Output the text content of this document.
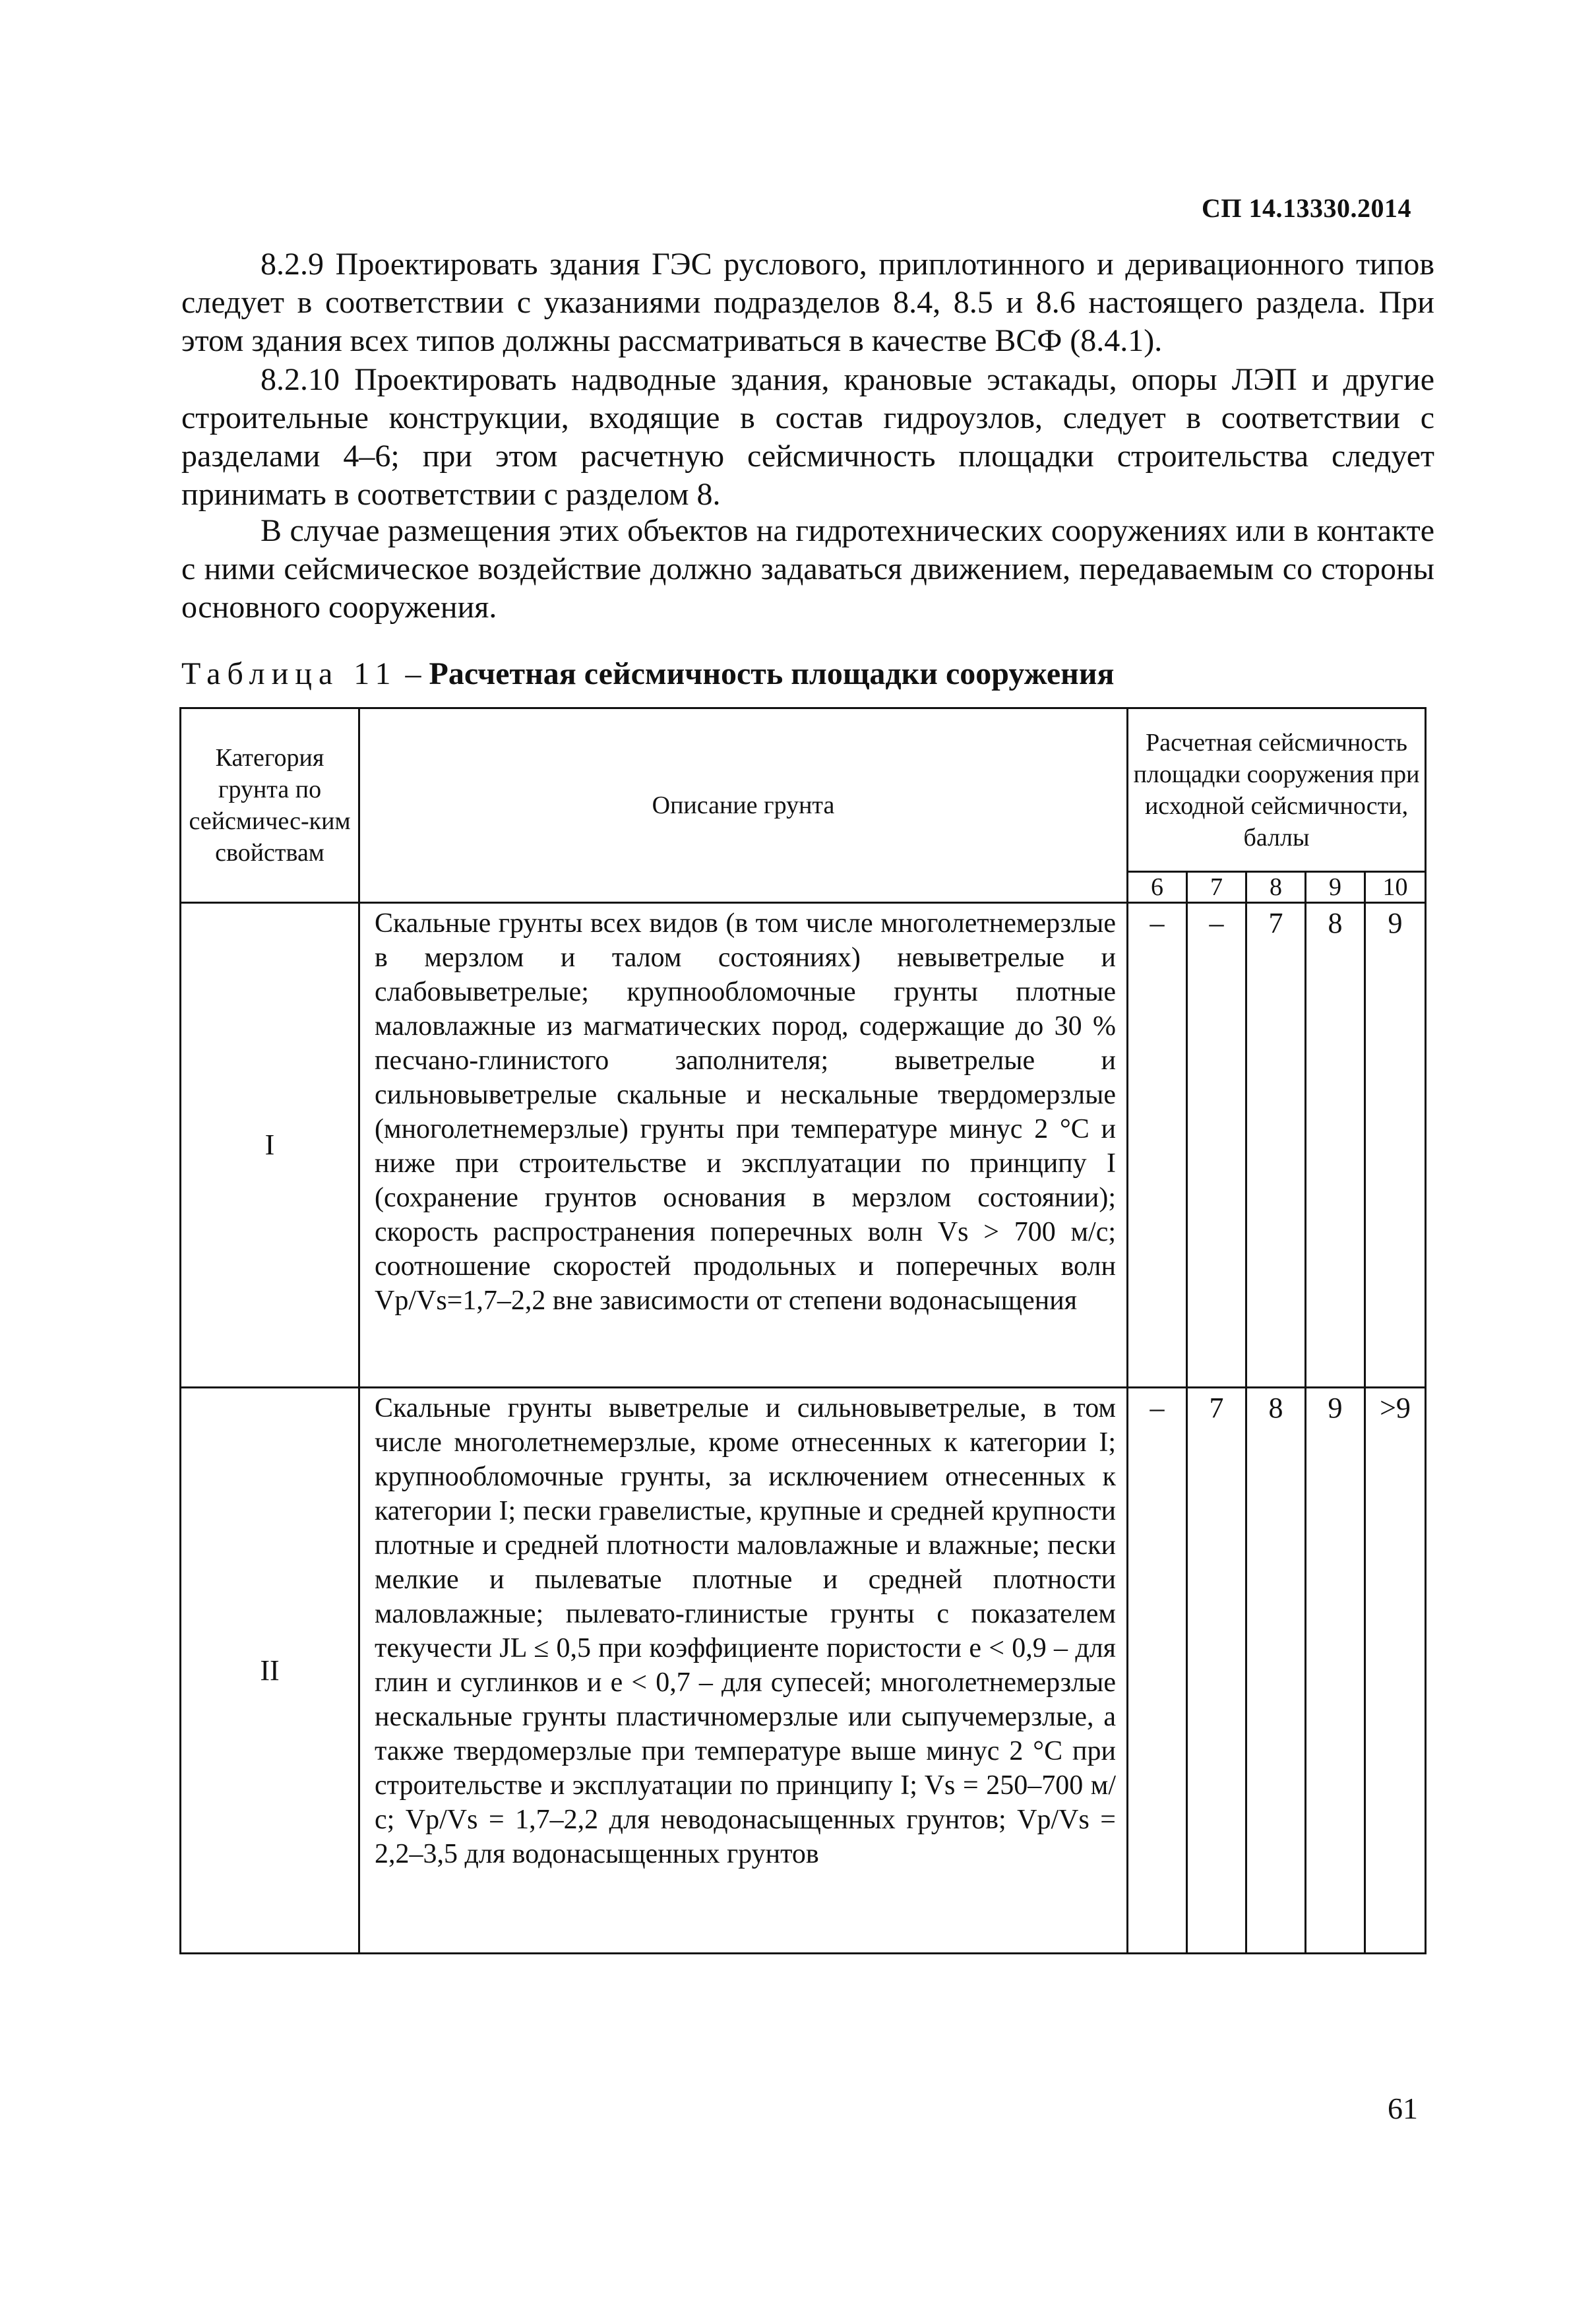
СП 14.13330.2014

8.2.9 Проектировать здания ГЭС руслового, приплотинного и деривационного типов следует в соответствии с указаниями подразделов 8.4, 8.5 и 8.6 настоящего раздела. При этом здания всех типов должны рассматриваться в качестве ВСФ (8.4.1).

8.2.10 Проектировать надводные здания, крановые эстакады, опоры ЛЭП и другие строительные конструкции, входящие в состав гидроузлов, следует в соответствии с разделами 4–6; при этом расчетную сейсмичность площадки строительства следует принимать в соответствии с разделом 8.

В случае размещения этих объектов на гидротехнических сооружениях или в контакте с ними сейсмическое воздействие должно задаваться движением, передаваемым со стороны основного сооружения.

Таблица 11 – Расчетная сейсмичность площадки сооружения
Категория грунта по сейсмичес-ким свойствам	Описание грунта	Расчетная сейсмичность площадки сооружения при исходной сейсмичности, баллы				
		6	7	8	9	10
I	Скальные грунты всех видов (в том числе многолетнемерзлые в мерзлом и талом состояниях) невыветрелые и слабовыветрелые; крупнообломочные грунты плотные маловлажные из магматических пород, содержащие до 30 % песчано-глинистого заполнителя; выветрелые и сильновыветрелые скальные и нескальные твердомерзлые (многолетнемерзлые) грунты при температуре минус 2 °С и ниже при строительстве и эксплуатации по принципу I (сохранение грунтов основания в мерзлом состоянии); скорость распространения поперечных волн Vs > 700 м/с; соотношение скоростей продольных и поперечных волн Vp/Vs=1,7–2,2 вне зависимости от степени водонасыщения	–	–	7	8	9
II	Скальные грунты выветрелые и сильновыветрелые, в том числе многолетнемерзлые, кроме отнесенных к категории I; крупнообломочные грунты, за исключением отнесенных к категории I; пески гравелистые, крупные и средней крупности плотные и средней плотности маловлажные и влажные; пески мелкие и пылеватые плотные и средней плотности маловлажные; пылевато-глинистые грунты с показателем текучести JL ≤ 0,5 при коэффициенте пористости e < 0,9 – для глин и суглинков и e < 0,7 – для супесей; многолетнемерзлые нескальные грунты пластичномерзлые или сыпучемерзлые, а также твердомерзлые при температуре выше минус 2 °С при строительстве и эксплуатации по принципу I; Vs = 250–700 м/с; Vp/Vs = 1,7–2,2 для неводонасыщенных грунтов; Vp/Vs = 2,2–3,5 для водонасыщенных грунтов	–	7	8	9	>9
61
